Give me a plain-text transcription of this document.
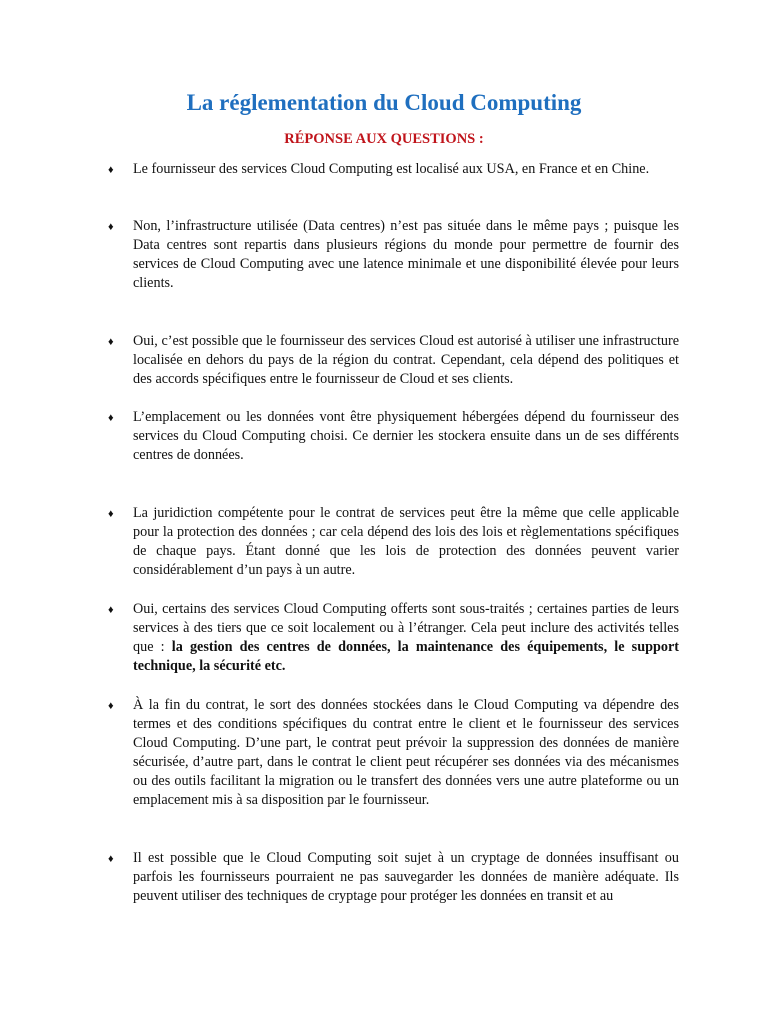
La réglementation du Cloud Computing
RÉPONSE AUX QUESTIONS :
♦ Le fournisseur des services Cloud Computing est localisé aux USA, en France et en Chine.
♦ Non, l’infrastructure utilisée (Data centres) n’est pas située dans le même pays ; puisque les Data centres sont repartis dans plusieurs régions du monde pour permettre de fournir des services de Cloud Computing avec une latence minimale et une disponibilité élevée pour leurs clients.
♦ Oui, c’est possible que le fournisseur des services Cloud est autorisé à utiliser une infrastructure localisée en dehors du pays de la région du contrat. Cependant, cela dépend des politiques et des accords spécifiques entre le fournisseur de Cloud et ses clients.
♦ L’emplacement ou les données vont être physiquement hébergées dépend du fournisseur des services du Cloud Computing choisi. Ce dernier les stockera ensuite dans un de ses différents centres de données.
♦ La juridiction compétente pour le contrat de services peut être la même que celle applicable pour la protection des données ; car cela dépend des lois des lois et règlementations spécifiques de chaque pays. Étant donné que les lois de protection des données peuvent varier considérablement d’un pays à un autre.
♦ Oui, certains des services Cloud Computing offerts sont sous-traités ; certaines parties de leurs services à des tiers que ce soit localement ou à l’étranger. Cela peut inclure des activités telles que : la gestion des centres de données, la maintenance des équipements, le support technique, la sécurité etc.
♦ À la fin du contrat, le sort des données stockées dans le Cloud Computing va dépendre des termes et des conditions spécifiques du contrat entre le client et le fournisseur des services Cloud Computing. D’une part, le contrat peut prévoir la suppression des données de manière sécurisée, d’autre part, dans le contrat le client peut récupérer ses données via des mécanismes ou des outils facilitant la migration ou le transfert des données vers une autre plateforme ou un emplacement mis à sa disposition par le fournisseur.
♦ Il est possible que le Cloud Computing soit sujet à un cryptage de données insuffisant ou parfois les fournisseurs pourraient ne pas sauvegarder les données de manière adéquate. Ils peuvent utiliser des techniques de cryptage pour protéger les données en transit et au
